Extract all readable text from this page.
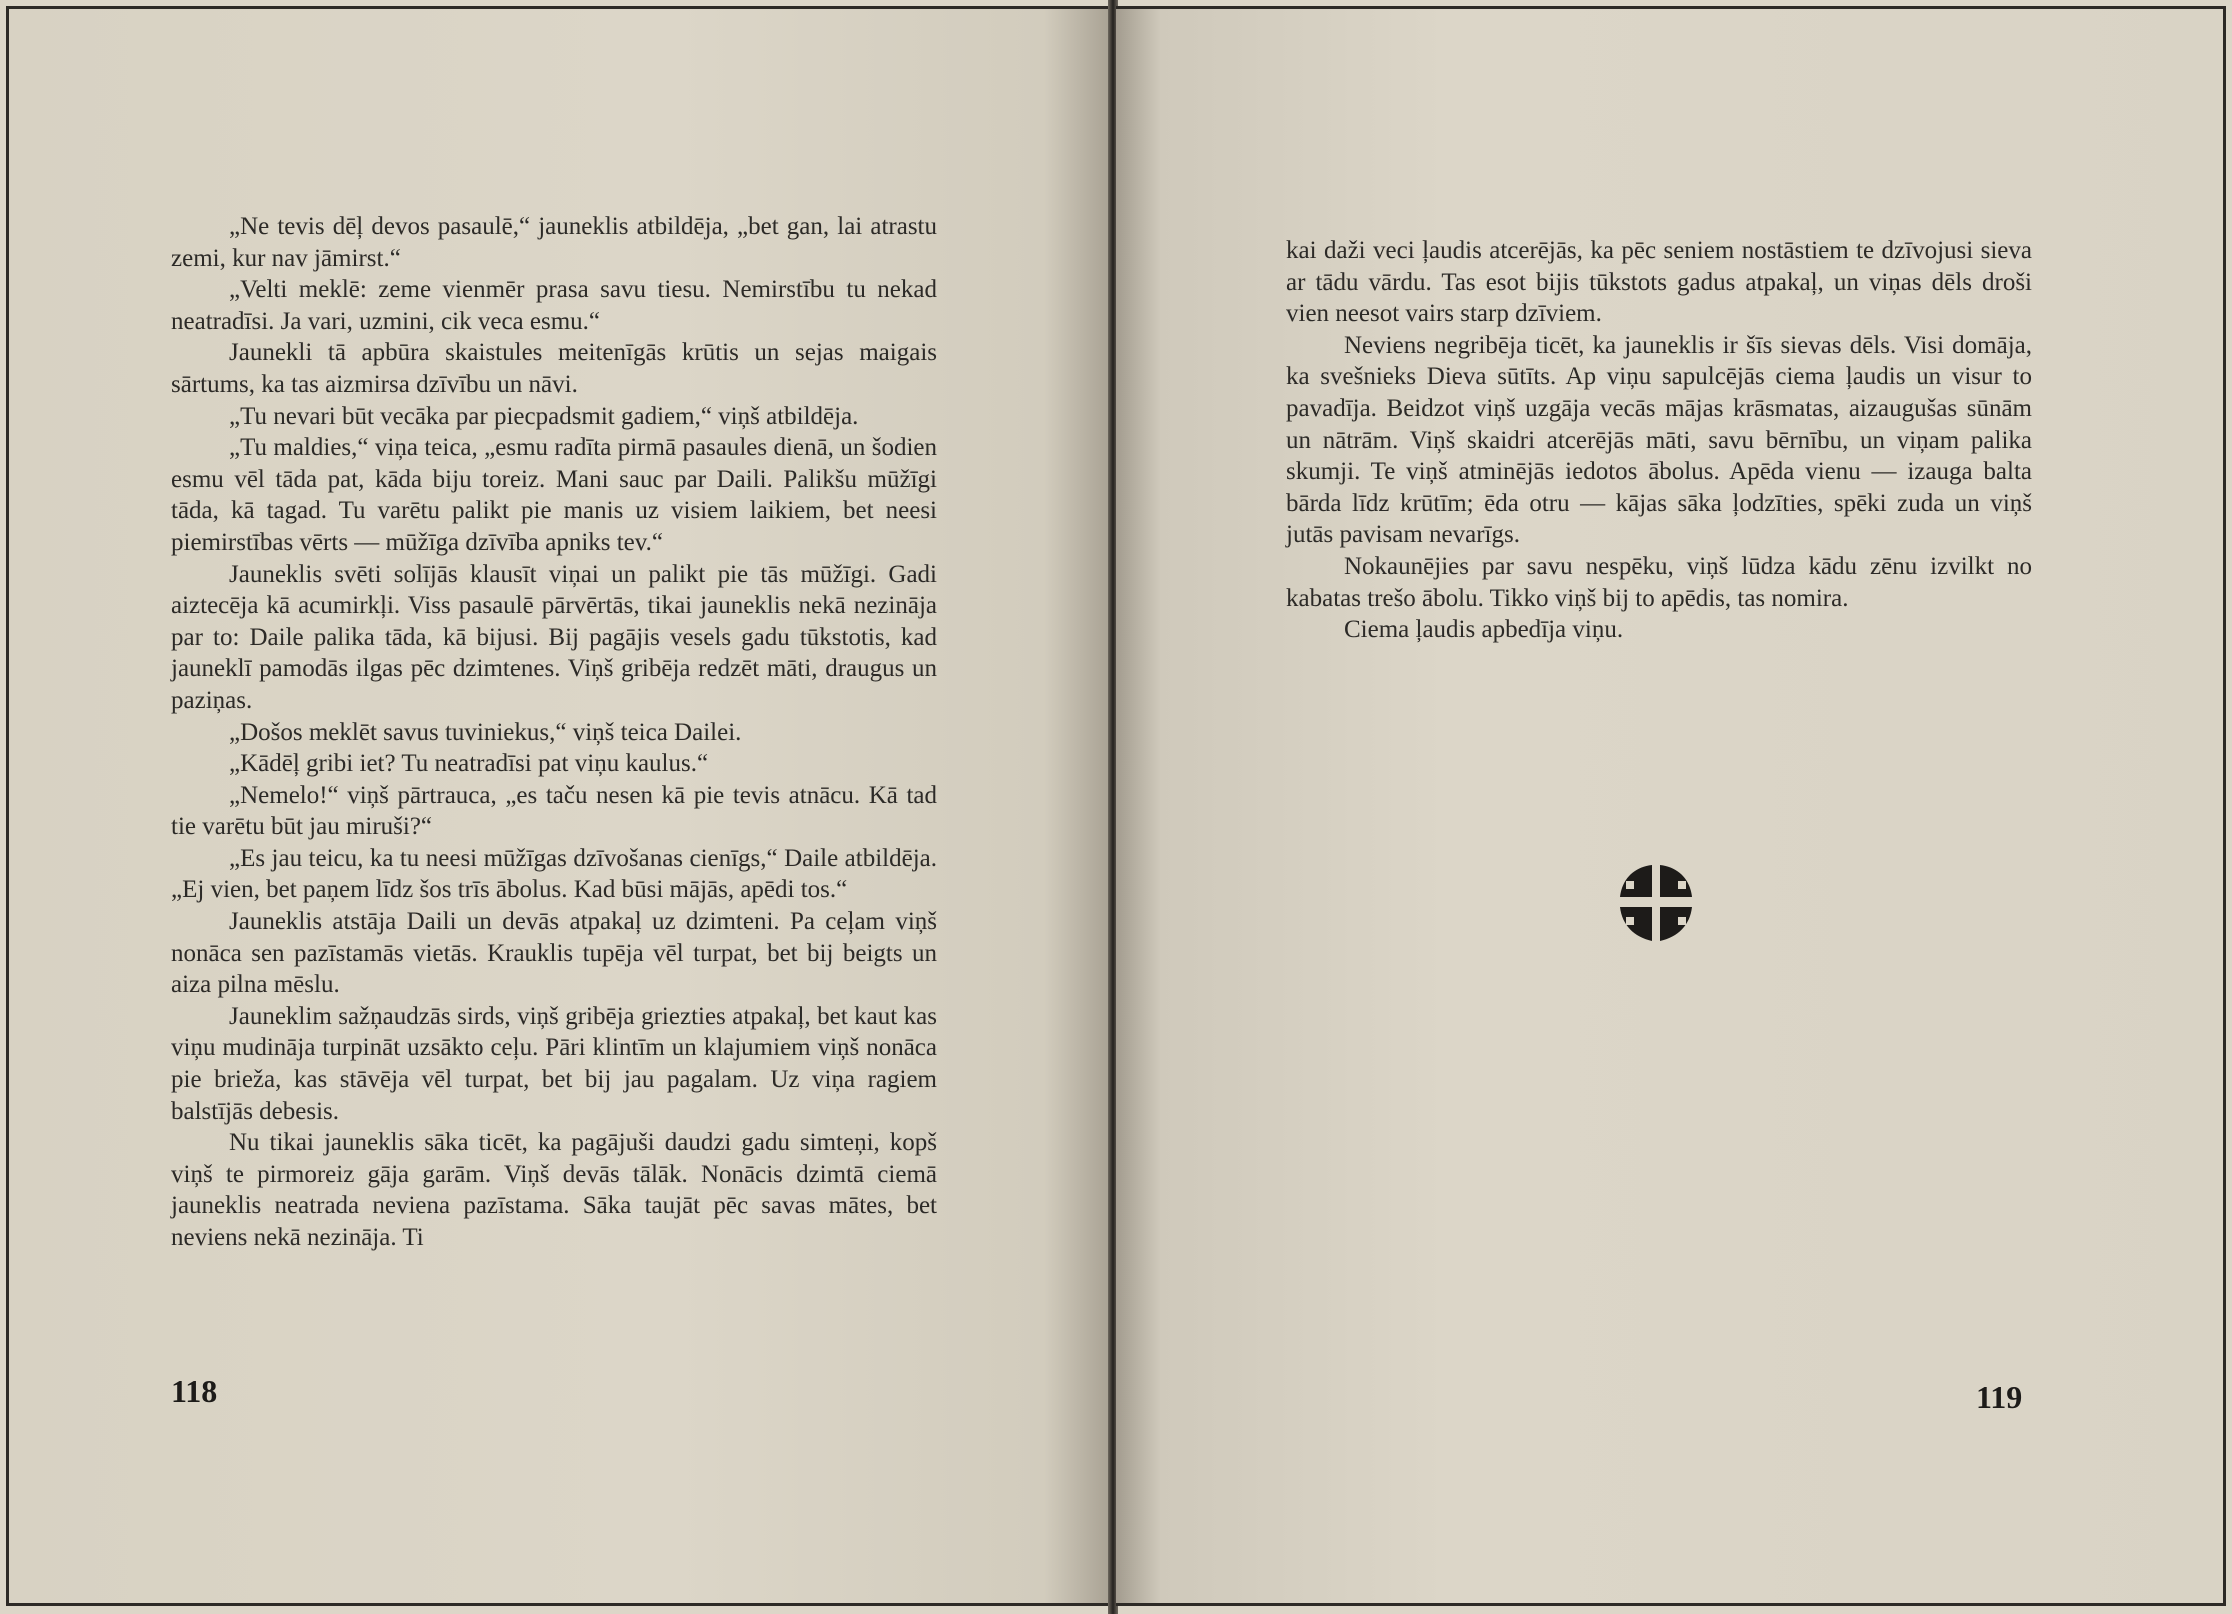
„Ne tevis dēļ devos pasaulē,“ jauneklis atbildēja, „bet gan, lai atrastu zemi, kur nav jāmirst.“

„Velti meklē: zeme vienmēr prasa savu tiesu. Nemirstību tu nekad neatradīsi. Ja vari, uzmini, cik veca esmu.“

Jaunekli tā apbūra skaistules meitenīgās krūtis un sejas maigais sārtums, ka tas aizmirsa dzīvību un nāvi.

„Tu nevari būt vecāka par piecpadsmit gadiem,“ viņš atbildēja.

„Tu maldies,“ viņa teica, „esmu radīta pirmā pasaules dienā, un šodien esmu vēl tāda pat, kāda biju toreiz. Mani sauc par Daili. Palikšu mūžīgi tāda, kā tagad. Tu varētu palikt pie manis uz visiem laikiem, bet neesi piemirstības vērts — mūžīga dzīvība apniks tev.“

Jauneklis svēti solījās klausīt viņai un palikt pie tās mūžīgi. Gadi aiztecēja kā acumirkļi. Viss pasaulē pārvērtās, tikai jauneklis nekā nezināja par to: Daile palika tāda, kā bijusi. Bij pagājis vesels gadu tūkstotis, kad jauneklī pamodās ilgas pēc dzimtenes. Viņš gribēja redzēt māti, draugus un paziņas.

„Došos meklēt savus tuviniekus,“ viņš teica Dailei.

„Kādēļ gribi iet? Tu neatradīsi pat viņu kaulus.“

„Nemelo!“ viņš pārtrauca, „es taču nesen kā pie tevis atnācu. Kā tad tie varētu būt jau miruši?“

„Es jau teicu, ka tu neesi mūžīgas dzīvošanas cienīgs,“ Daile atbildēja. „Ej vien, bet paņem līdz šos trīs ābolus. Kad būsi mājās, apēdi tos.“

Jauneklis atstāja Daili un devās atpakaļ uz dzimteni. Pa ceļam viņš nonāca sen pazīstamās vietās. Krauklis tupēja vēl turpat, bet bij beigts un aiza pilna mēslu.

Jauneklim sažņaudzās sirds, viņš gribēja griezties atpakaļ, bet kaut kas viņu mudināja turpināt uzsākto ceļu. Pāri klintīm un klajumiem viņš nonāca pie brieža, kas stāvēja vēl turpat, bet bij jau pagalam. Uz viņa ragiem balstījās debesis.

Nu tikai jauneklis sāka ticēt, ka pagājuši daudzi gadu simteņi, kopš viņš te pirmoreiz gāja garām. Viņš devās tālāk. Nonācis dzimtā ciemā jauneklis neatrada neviena pazīstama. Sāka taujāt pēc savas mātes, bet neviens nekā nezināja. Ti

118

kai daži veci ļaudis atcerējās, ka pēc seniem nostāstiem te dzīvojusi sieva ar tādu vārdu. Tas esot bijis tūkstots gadus atpakaļ, un viņas dēls droši vien neesot vairs starp dzīviem.

Neviens negribēja ticēt, ka jauneklis ir šīs sievas dēls. Visi domāja, ka svešnieks Dieva sūtīts. Ap viņu sapulcējās ciema ļaudis un visur to pavadīja. Beidzot viņš uzgāja vecās mājas krāsmatas, aizaugušas sūnām un nātrām. Viņš skaidri atcerējās māti, savu bērnību, un viņam palika skumji. Te viņš atminējās iedotos ābolus. Apēda vienu — izauga balta bārda līdz krūtīm; ēda otru — kājas sāka ļodzīties, spēki zuda un viņš jutās pavisam nevarīgs.

Nokaunējies par savu nespēku, viņš lūdza kādu zēnu izvilkt no kabatas trešo ābolu. Tikko viņš bij to apēdis, tas nomira.

Ciema ļaudis apbedīja viņu.

119
